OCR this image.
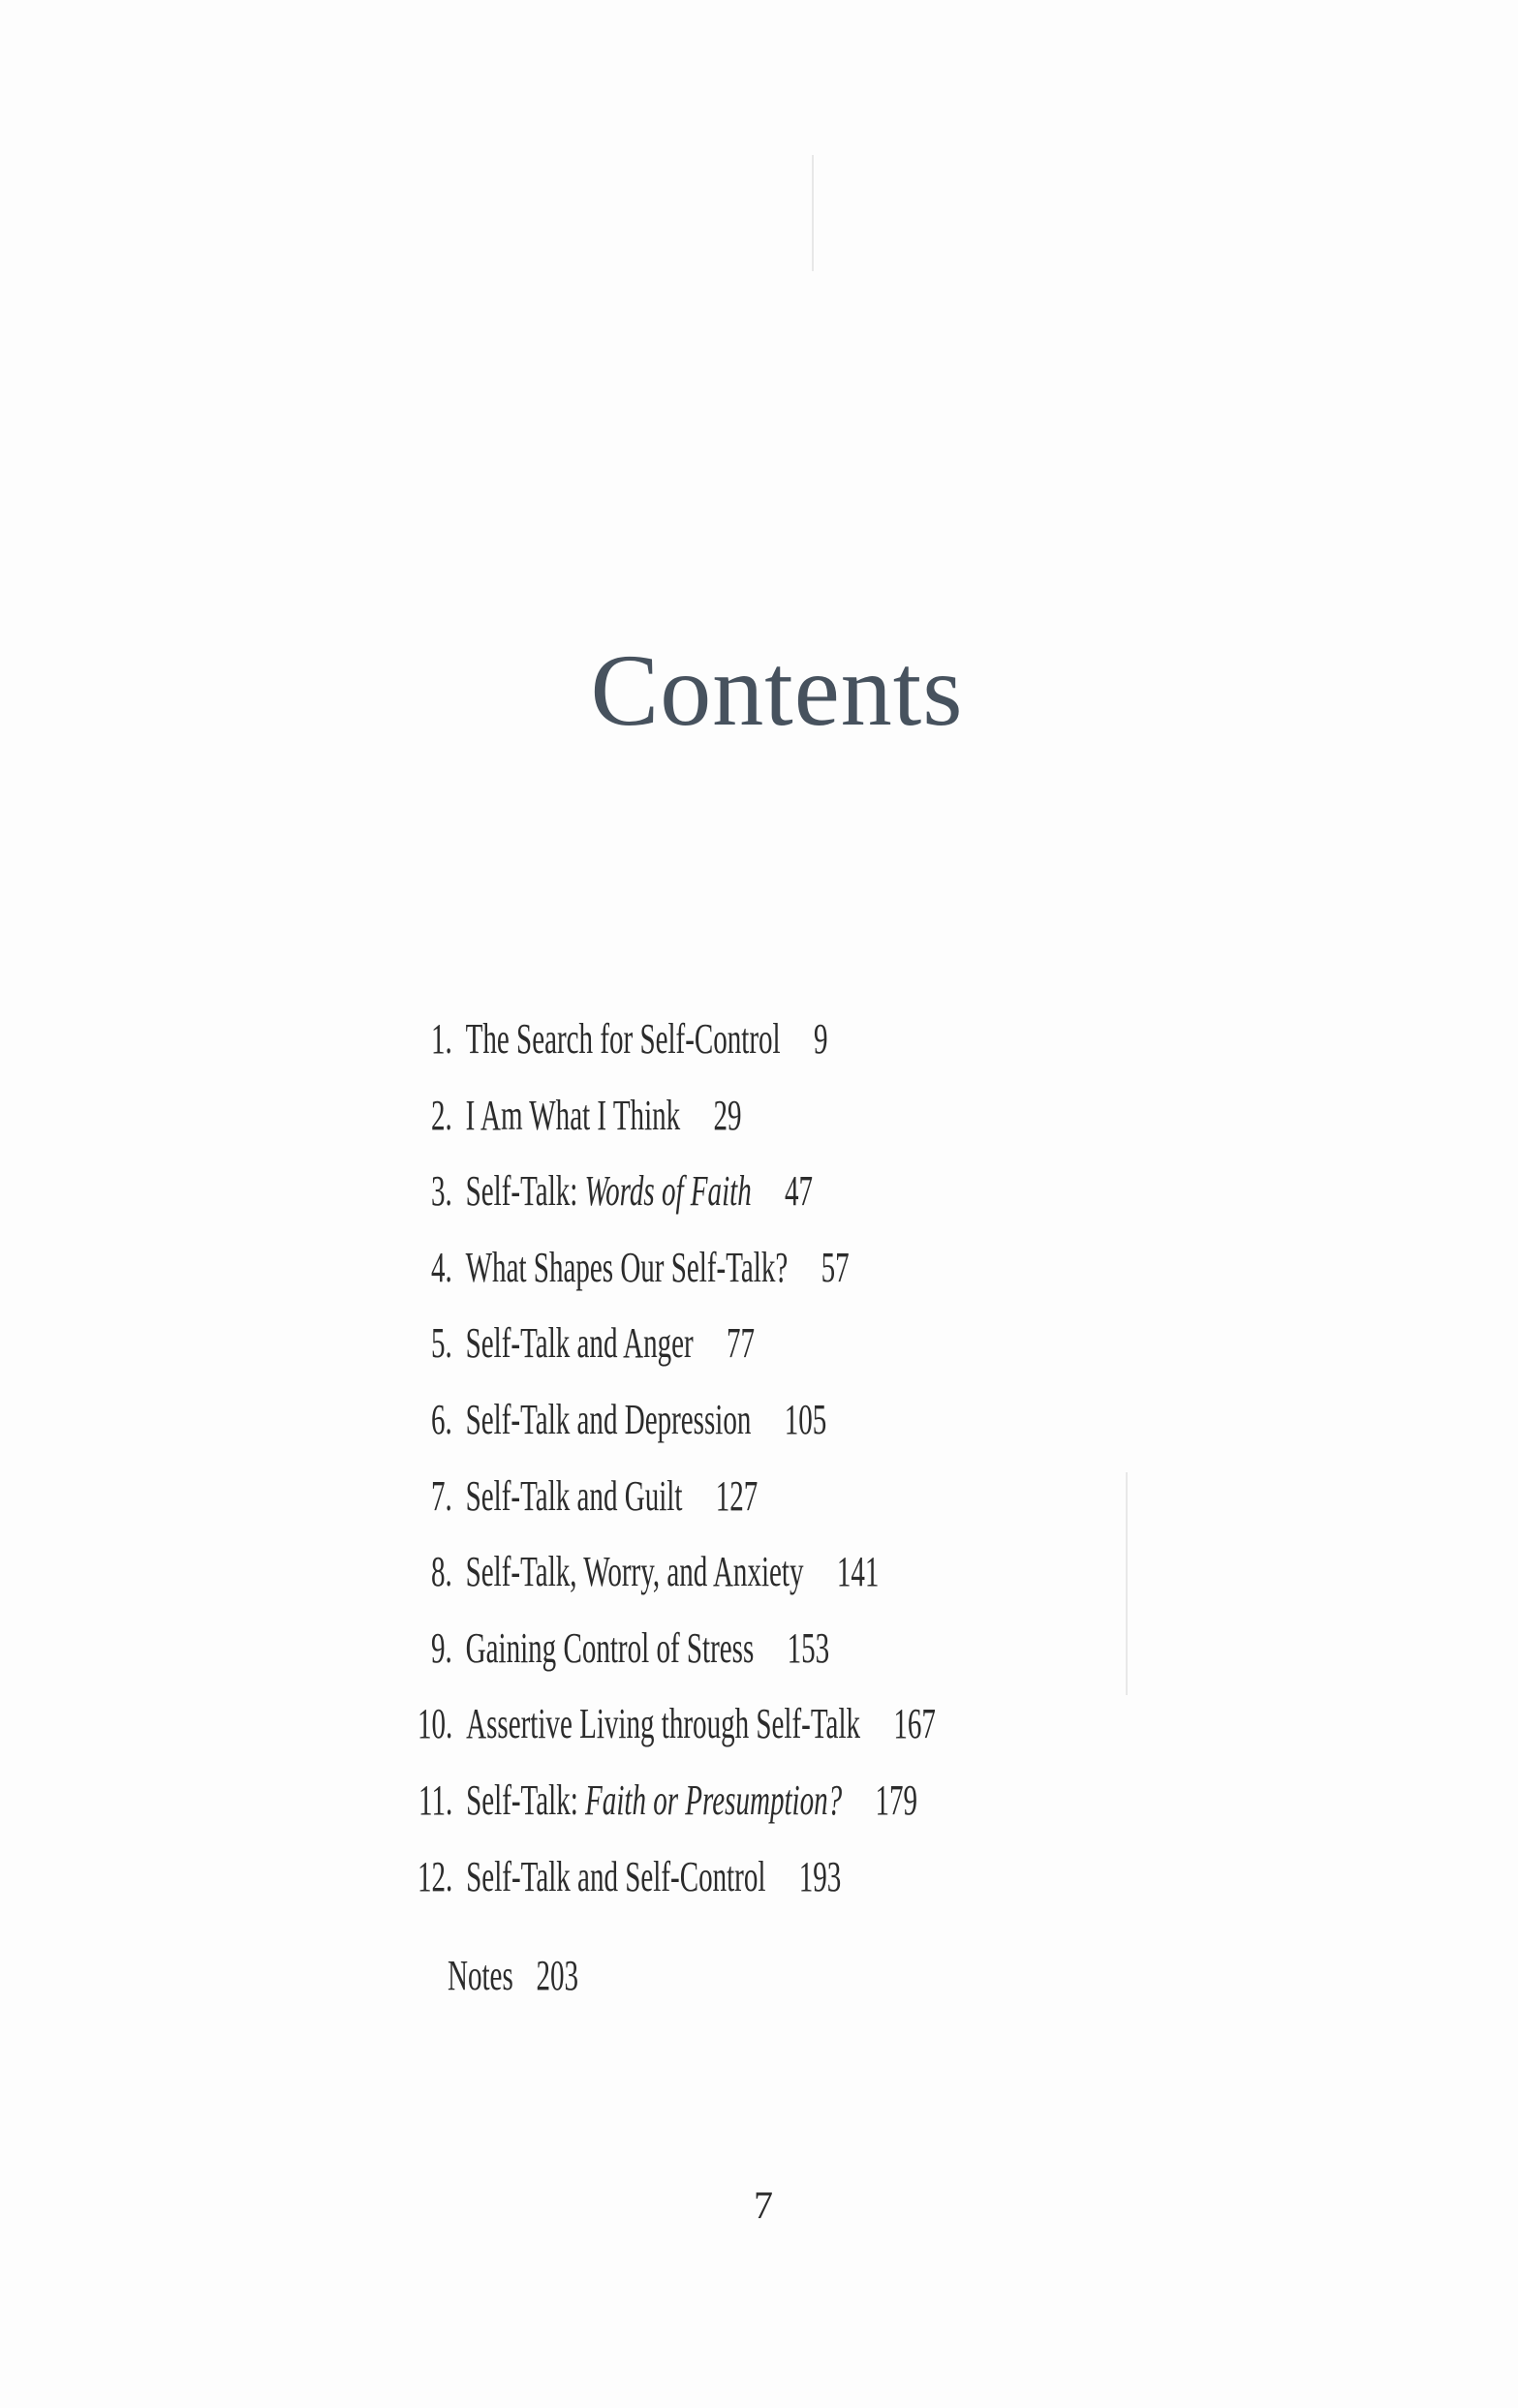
Contents
1. The Search for Self-Control 9
2. I Am What I Think 29
3. Self-Talk: Words of Faith 47
4. What Shapes Our Self-Talk? 57
5. Self-Talk and Anger 77
6. Self-Talk and Depression 105
7. Self-Talk and Guilt 127
8. Self-Talk, Worry, and Anxiety 141
9. Gaining Control of Stress 153
10. Assertive Living through Self-Talk 167
11. Self-Talk: Faith or Presumption? 179
12. Self-Talk and Self-Control 193
Notes 203
7
